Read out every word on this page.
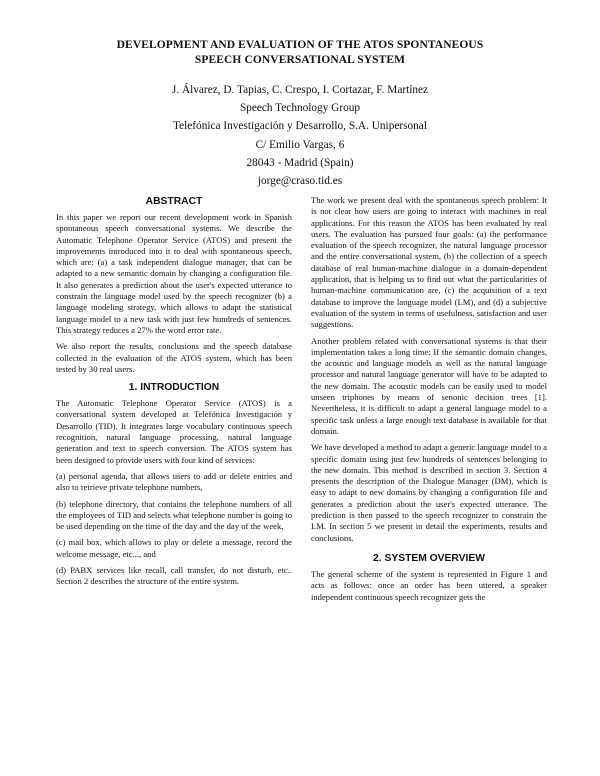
DEVELOPMENT AND EVALUATION OF THE ATOS SPONTANEOUS
SPEECH CONVERSATIONAL SYSTEM
J. Álvarez, D. Tapias, C. Crespo, I. Cortazar, F. Martínez
Speech Technology Group
Telefónica Investigación y Desarrollo, S.A. Unipersonal
C/ Emilio Vargas, 6
28043 - Madrid (Spain)
jorge@craso.tid.es
ABSTRACT

In this paper we report our recent development work in Spanish spontaneous speech conversational systems. We describe the Automatic Telephone Operator Service (ATOS) and present the improvements introduced into it to deal with spontaneous speech, which are: (a) a task independent dialogue manager, that can be adapted to a new semantic domain by changing a configuration file. It also generates a prediction about the user's expected utterance to constrain the language model used by the speech recognizer (b) a language modeling strategy, which allows to adapt the statistical language model to a new task with just few hundreds of sentences. This strategy reduces a 27% the word error rate.

We also report the results, conclusions and the speech database collected in the evaluation of the ATOS system, which has been tested by 30 real users.

1. INTRODUCTION

The Automatic Telephone Operator Service (ATOS) is a conversational system developed at Telefónica Investigación y Desarrollo (TID). It integrates large vocabulary continuous speech recognition, natural language processing, natural language generation and text to speech conversion. The ATOS system has been designed to provide users with four kind of services:

(a) personal agenda, that allows users to add or delete entries and also to retrieve private telephone numbers,

(b) telephone directory, that contains the telephone numbers of all the employees of TID and selects what telephone number is going to be used depending on the time of the day and the day of the week,

(c) mail box, which allows to play or delete a message, record the welcome message, etc..., and

(d) PABX services like recall, call transfer, do not disturb, etc.. Section 2 describes the structure of the entire system.

The work we present deal with the spontaneous speech problem: It is not clear how users are going to interact with machines in real applications. For this reason the ATOS has been evaluated by real users. The evaluation has pursued four goals: (a) the performance evaluation of the speech recognizer, the natural language processor and the entire conversational system, (b) the collection of a speech database of real human-machine dialogue in a domain-dependent application, that is helping us to find out what the particularities of human-machine communication are, (c) the acquisition of a text database to improve the language model (LM), and (d) a subjective evaluation of the system in terms of usefulness, satisfaction and user suggestions.

Another problem related with conversational systems is that their implementation takes a long time: If the semantic domain changes, the acoustic and language models as well as the natural language processor and natural language generator will have to be adapted to the new domain. The acoustic models can be easily used to model unseen triphones by means of senonic decision trees [1]. Nevertheless, it is difficult to adapt a general language model to a specific task unless a large enough text database is available for that domain.

We have developed a method to adapt a generic language model to a specific domain using just few hundreds of sentences belonging to the new domain. This method is described in section 3. Section 4 presents the description of the Dialogue Manager (DM), which is easy to adapt to new domains by changing a configuration file and generates a prediction about the user's expected utterance. The prediction is then passed to the speech recognizer to constrain the LM. In section 5 we present in detail the experiments, results and conclusions.

2. SYSTEM OVERVIEW

The general scheme of the system is represented in Figure 1 and acts as follows: once an order has been uttered, a speaker independent continuous speech recognizer gets the
